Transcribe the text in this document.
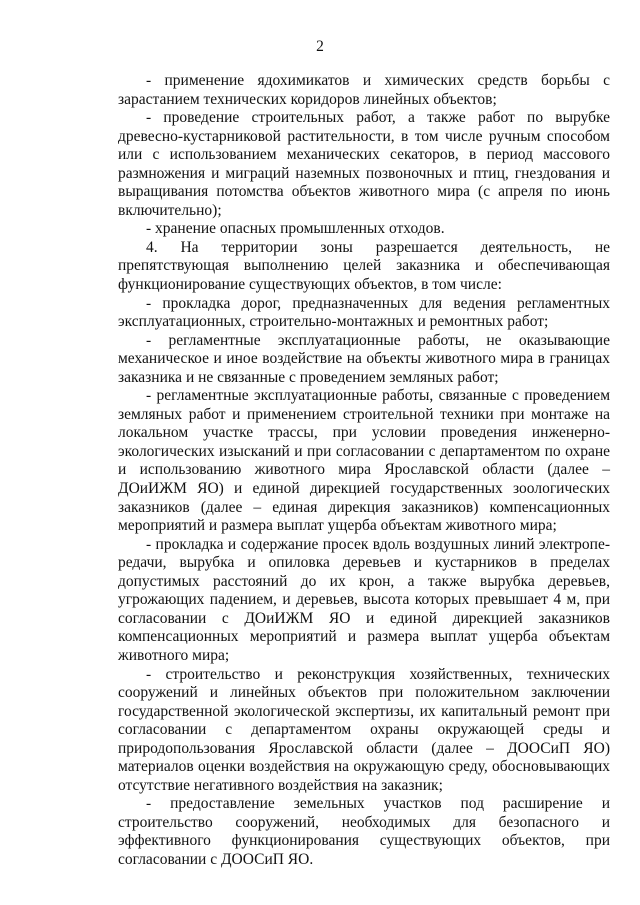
2

- применение ядохимикатов и химических средств борьбы с зарастанием технических коридоров линейных объектов;

- проведение строительных работ, а также работ по вырубке древесно-кустарниковой растительности, в том числе ручным способом или с использованием механических секаторов, в период массового размножения и миграций наземных позвоночных и птиц, гнездования и выращивания потомства объектов животного мира (с апреля по июнь включительно);

- хранение опасных промышленных отходов.

4. На территории зоны разрешается деятельность, не препятствующая выполнению целей заказника и обеспечивающая функционирование существующих объектов, в том числе:

- прокладка дорог, предназначенных для ведения регламентных эксплуатационных, строительно-монтажных и ремонтных работ;

- регламентные эксплуатационные работы, не оказывающие механическое и иное воздействие на объекты животного мира в границах заказника и не связанные с проведением земляных работ;

- регламентные эксплуатационные работы, связанные с проведением земляных работ и применением строительной техники при монтаже на локальном участке трассы, при условии проведения инженерно-экологических изысканий и при согласовании с департаментом по охране и использованию животного мира Ярославской области (далее – ДОиИЖМ ЯО) и единой дирекцией государственных зоологических заказников (далее – единая дирекция заказников) компенсационных мероприятий и размера выплат ущерба объектам животного мира;

- прокладка и содержание просек вдоль воздушных линий электропередачи, вырубка и опиловка деревьев и кустарников в пределах допустимых расстояний до их крон, а также вырубка деревьев, угрожающих падением, и деревьев, высота которых превышает 4 м, при согласовании с ДОиИЖМ ЯО и единой дирекцией заказников компенсационных мероприятий и размера выплат ущерба объектам животного мира;

- строительство и реконструкция хозяйственных, технических сооружений и линейных объектов при положительном заключении государственной экологической экспертизы, их капитальный ремонт при согласовании с департаментом охраны окружающей среды и природопользования Ярославской области (далее – ДООСиП ЯО) материалов оценки воздействия на окружающую среду, обосновывающих отсутствие негативного воздействия на заказник;

- предоставление земельных участков под расширение и строительство сооружений, необходимых для безопасного и эффективного функционирования существующих объектов, при согласовании с ДООСиП ЯО.
